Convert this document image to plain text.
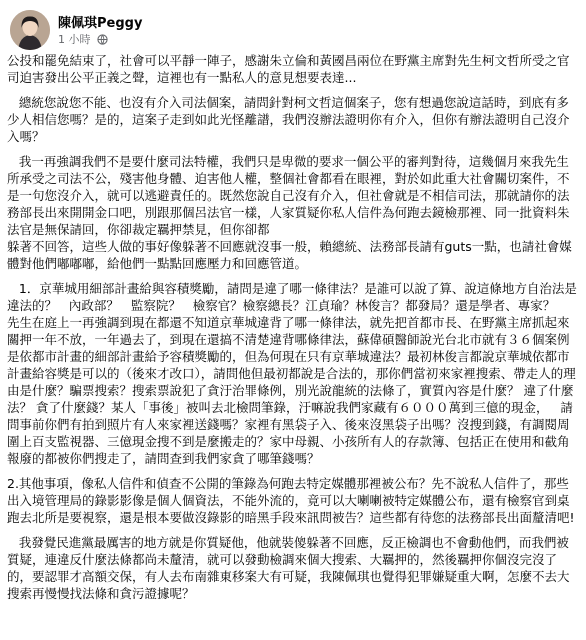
陳佩琪Peggy
1 小時

公投和罷免結束了，社會可以平靜一陣子，感謝朱立倫和黃國昌兩位在野黨主席對先生柯文哲所受之官司迫害發出公平正義之聲，這裡也有一點私人的意見想要表達...

總統您說您不能、也沒有介入司法個案，請問針對柯文哲這個案子，您有想過您說這話時，到底有多少人相信您嗎？是的，這案子走到如此光怪離譜，我們沒辦法證明你有介入，但你有辦法證明自己沒介入嗎？

我一再強調我們不是要什麼司法特權，我們只是卑微的要求一個公平的審判對待，這幾個月來我先生所承受之司法不公，殘害他身體、迫害他人權，整個社會都看在眼裡，對於如此重大社會關切案件，不是一句您沒介入，就可以逃避責任的。既然您說自己沒有介入，但社會就是不相信司法，那就請你的法務部長出來開開金口吧，別跟那個呂法官一樣，人家質疑你私人信件為何跑去鏡檢那裡、同一批資料朱法官是無保請回，你卻裁定羈押禁見，但你卻都
躲著不回答，這些人做的事好像躲著不回應就沒事一般，賴總統、法務部長請有guts一點，也請社會媒體對他們嘟嘟嘟，給他們一點點回應壓力和回應管道。

1．京華城用細部計畫給與容積獎勵，請問是違了哪一條律法？是誰可以說了算、說這條地方自治法是違法的？   內政部？   監察院？   檢察官？檢察總長？江貞瑜？林俊言？都發局？還是學者、專家？   先生在庭上一再強調到現在都還不知道京華城違背了哪一條律法，就先把首都市長、在野黨主席抓起來關押一年不放，一年過去了，到現在還搞不清楚違背哪條律法，蘇偉碩醫師說光台北市就有３６個案例是依都市計畫的細部計畫給予容積獎勵的，但為何現在只有京華城違法？最初林俊言都說京華城依都市計畫給容獎是可以的（後來才改口），請問他但最初都說是合法的，那你們當初來家裡搜索、帶走人的理由是什麼？騙票搜索？搜索票說犯了貪汙治罪條例，別光說龍統的法條了，實質內容是什麼？ 違了什麼法？ 貪了什麼錢？某人「事後」被叫去北檢問筆錄，汙嘛說我們家藏有６０００萬到三億的現金，   請問事前你們有拍到照片有人來家裡送錢嗎？家裡有黑袋子入、後來沒黑袋子出嗎？沒搜到錢，有調閱周圍上百支監視器、三億現金搜不到是麼搬走的？家中母親、小孩所有人的存款簿、包括正在使用和截角報廢的都被你們搜走了，請問查到我們家貪了哪筆錢嗎？

2.其他事項，像私人信件和偵查不公開的筆錄為何跑去特定媒體那裡被公布？先不說私人信件了，那些出入境管理局的錄影影像是個人個資法，不能外流的，竟可以大喇喇被特定媒體公布，還有檢察官到桌跑去北所是要視察，還是根本要做沒錄影的暗黑手段來訊問被告？這些都有待您的法務部長出面釐清吧!

我發覺民進黨最厲害的地方就是你質疑他，他就裝傻躲著不回應，反正檢調也不會動他們，而我們被質疑，連違反什麼法條都尚未釐清，就可以發動檢調來個大搜索、大羈押的，然後羈押你個沒完沒了的，要認罪才高額交保，有人去布南雜東移案大有可疑，我陳佩琪也覺得犯罪嫌疑重大啊，怎麼不去大搜索再慢慢找法條和貪污證據呢？
